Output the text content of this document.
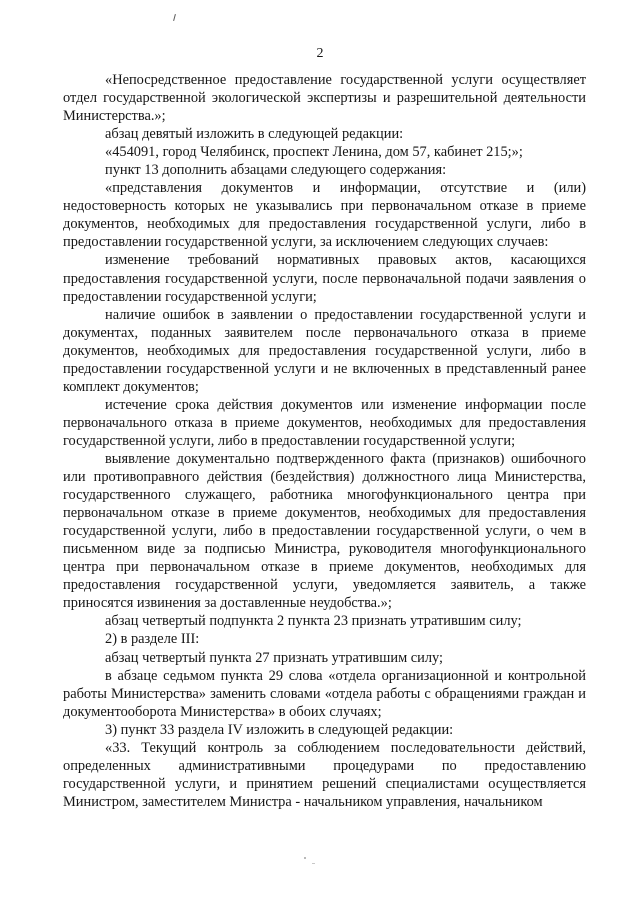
2

«Непосредственное предоставление государственной услуги осуществляет отдел государственной экологической экспертизы и разрешительной деятельности Министерства.»;

абзац девятый изложить в следующей редакции:

«454091, город Челябинск, проспект Ленина, дом 57, кабинет 215;»;

пункт 13 дополнить абзацами следующего содержания:

«представления документов и информации, отсутствие и (или) недостоверность которых не указывались при первоначальном отказе в приеме документов, необходимых для предоставления государственной услуги, либо в предоставлении государственной услуги, за исключением следующих случаев:

изменение требований нормативных правовых актов, касающихся предоставления государственной услуги, после первоначальной подачи заявления о предоставлении государственной услуги;

наличие ошибок в заявлении о предоставлении государственной услуги и документах, поданных заявителем после первоначального отказа в приеме документов, необходимых для предоставления государственной услуги, либо в предоставлении государственной услуги и не включенных в представленный ранее комплект документов;

истечение срока действия документов или изменение информации после первоначального отказа в приеме документов, необходимых для предоставления государственной услуги, либо в предоставлении государственной услуги;

выявление документально подтвержденного факта (признаков) ошибочного или противоправного действия (бездействия) должностного лица Министерства, государственного служащего, работника многофункционального центра при первоначальном отказе в приеме документов, необходимых для предоставления государственной услуги, либо в предоставлении государственной услуги, о чем в письменном виде за подписью Министра, руководителя многофункционального центра при первоначальном отказе в приеме документов, необходимых для предоставления государственной услуги, уведомляется заявитель, а также приносятся извинения за доставленные неудобства.»;

абзац четвертый подпункта 2 пункта 23 признать утратившим силу;

2) в разделе III:

абзац четвертый пункта 27 признать утратившим силу;

в абзаце седьмом пункта 29 слова «отдела организационной и контрольной работы Министерства» заменить словами «отдела работы с обращениями граждан и документооборота Министерства» в обоих случаях;

3) пункт 33 раздела IV изложить в следующей редакции:

«33. Текущий контроль за соблюдением последовательности действий, определенных административными процедурами по предоставлению государственной услуги, и принятием решений специалистами осуществляется Министром, заместителем Министра - начальником управления, начальником
